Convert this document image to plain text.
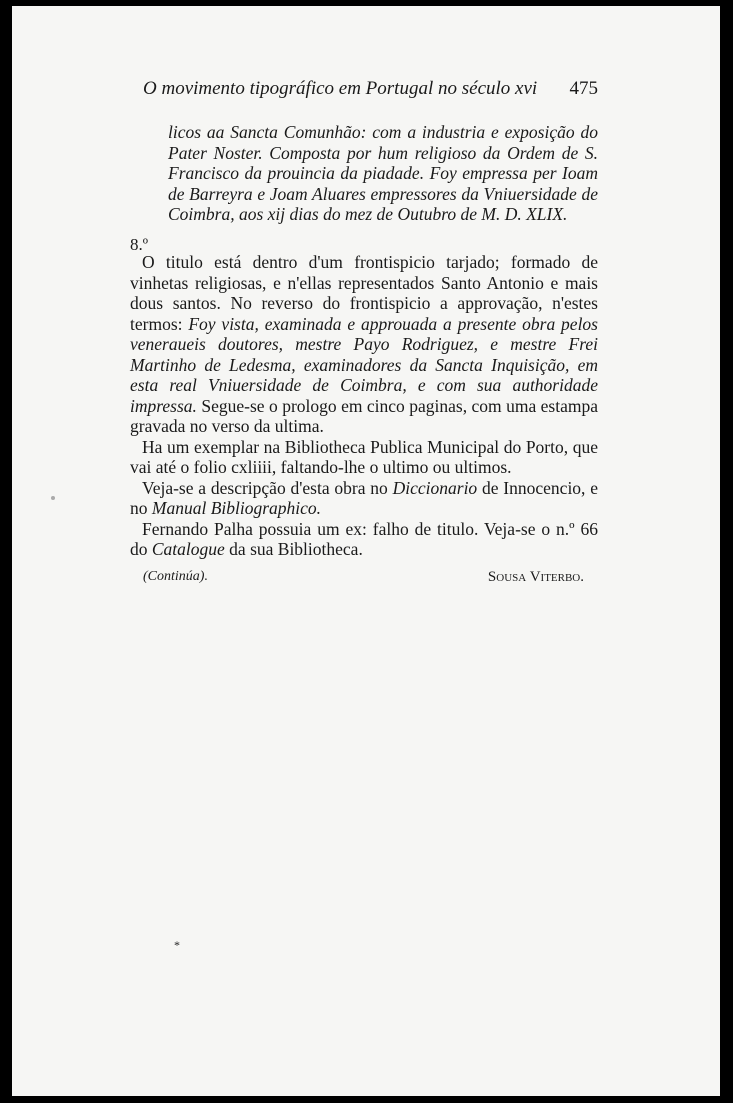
O movimento tipográfico em Portugal no século xvi 475

licos aa Sancta Comunhão: com a industria e exposição do Pater Noster. Composta por hum religioso da Ordem de S. Francisco da prouincia da piadade. Foy empressa per Ioam de Barreyra e Joam Aluares empressores da Vniuersidade de Coimbra, aos xij dias do mez de Outubro de M. D. XLIX.

8.º

O titulo está dentro d'um frontispicio tarjado; formado de vinhetas religiosas, e n'ellas representados Santo Antonio e mais dous santos. No reverso do frontispicio a approvação, n'estes termos: Foy vista, examinada e approuada a presente obra pelos veneraueis doutores, mestre Payo Rodriguez, e mestre Frei Martinho de Ledesma, examinadores da Sancta Inquisição, em esta real Vniuersidade de Coimbra, e com sua authoridade impressa. Segue-se o prologo em cinco paginas, com uma estampa gravada no verso da ultima.

Ha um exemplar na Bibliotheca Publica Municipal do Porto, que vai até o folio cxliiii, faltando-lhe o ultimo ou ultimos.

Veja-se a descripção d'esta obra no Diccionario de Innocencio, e no Manual Bibliographico.

Fernando Palha possuia um ex: falho de titulo. Veja-se o n.º 66 do Catalogue da sua Bibliotheca.

(Continúa).	Sousa Viterbo.
*
